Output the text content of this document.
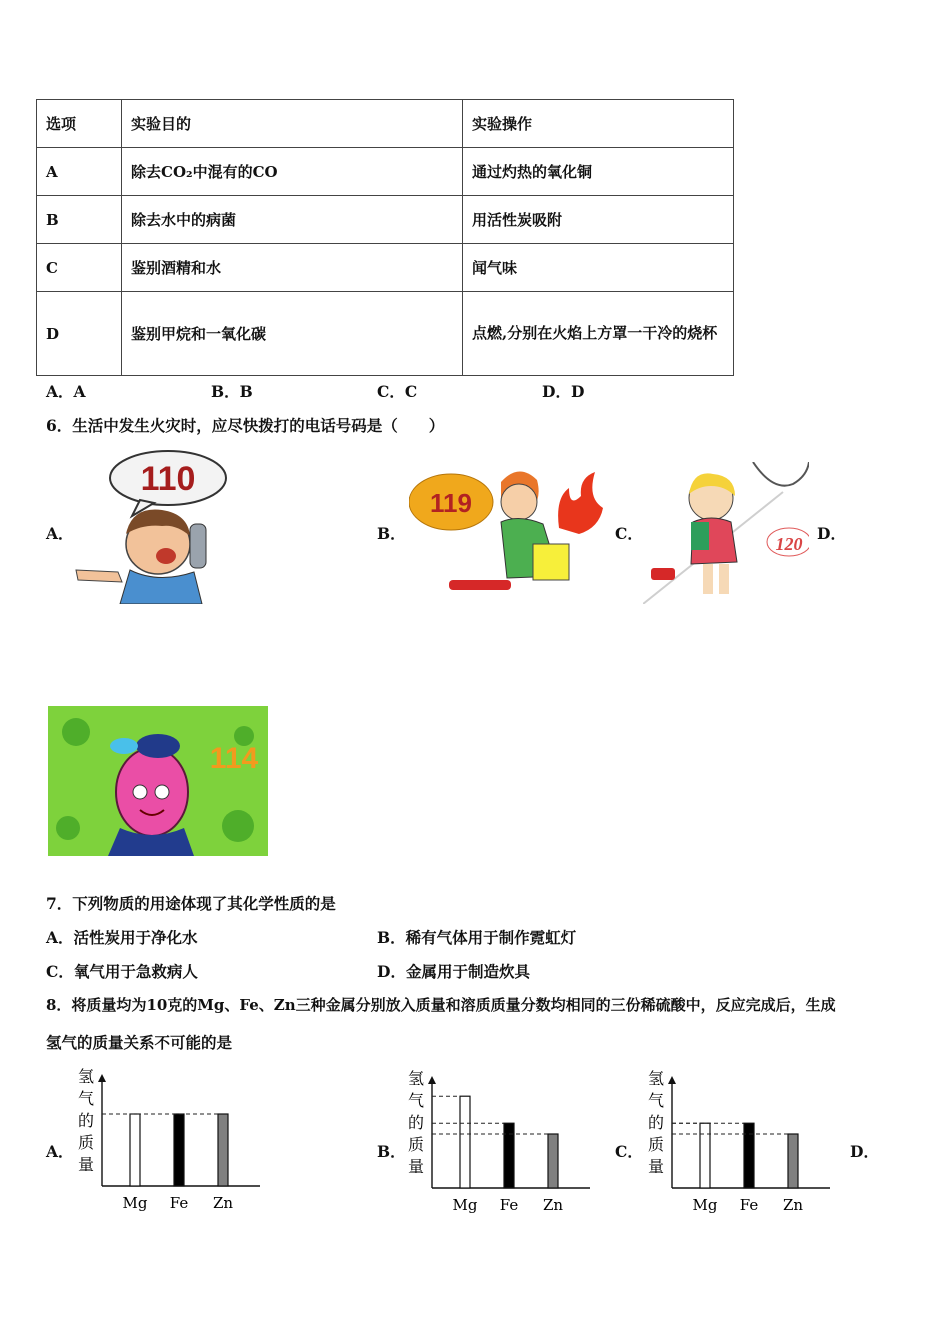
选项	实验目的	实验操作
A	除去CO₂中混有的CO	通过灼热的氧化铜
B	除去水中的病菌	用活性炭吸附
C	鉴别酒精和水	闻气味
D	鉴别甲烷和一氧化碳	点燃,分别在火焰上方罩一干冷的烧杯
A．A	B．B	C．C	D．D
6．生活中发生火灾时，应尽快拨打的电话号码是（　　）
A．	B．	C．	D．
110
119
120
114
7．下列物质的用途体现了其化学性质的是
A．活性炭用于净化水	B．稀有气体用于制作霓虹灯
C．氧气用于急救病人	D．金属用于制造炊具
8．将质量均为10克的Mg、Fe、Zn三种金属分别放入质量和溶质质量分数均相同的三份稀硫酸中，反应完成后，生成
氢气的质量关系不可能的是
A．	B．	C．	D．
氢
气
的
质
量
Mg Fe Zn
氢
气
的
质
量
Mg Fe Zn
氢
气
的
质
量
Mg Fe Zn
